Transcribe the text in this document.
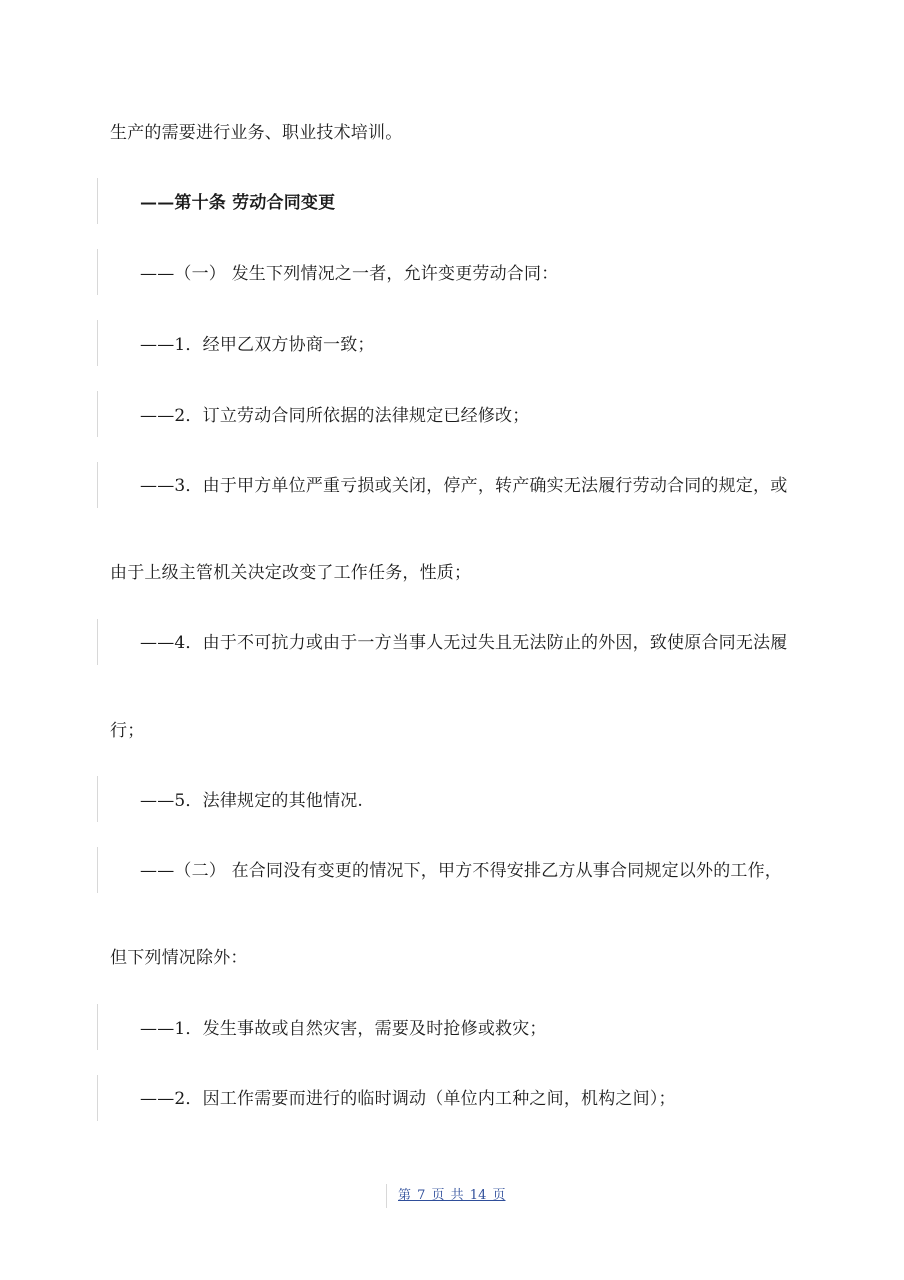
生产的需要进行业务、职业技术培训。
——第十条 劳动合同变更
——（一） 发生下列情况之一者，允许变更劳动合同：
——1．经甲乙双方协商一致；
——2．订立劳动合同所依据的法律规定已经修改；
——3．由于甲方单位严重亏损或关闭，停产，转产确实无法履行劳动合同的规定，或
由于上级主管机关决定改变了工作任务，性质；
——4．由于不可抗力或由于一方当事人无过失且无法防止的外因，致使原合同无法履
行；
——5．法律规定的其他情况.
——（二） 在合同没有变更的情况下，甲方不得安排乙方从事合同规定以外的工作，
但下列情况除外：
——1．发生事故或自然灾害，需要及时抢修或救灾；
——2．因工作需要而进行的临时调动（单位内工种之间，机构之间）；
第 7 页 共 14 页
